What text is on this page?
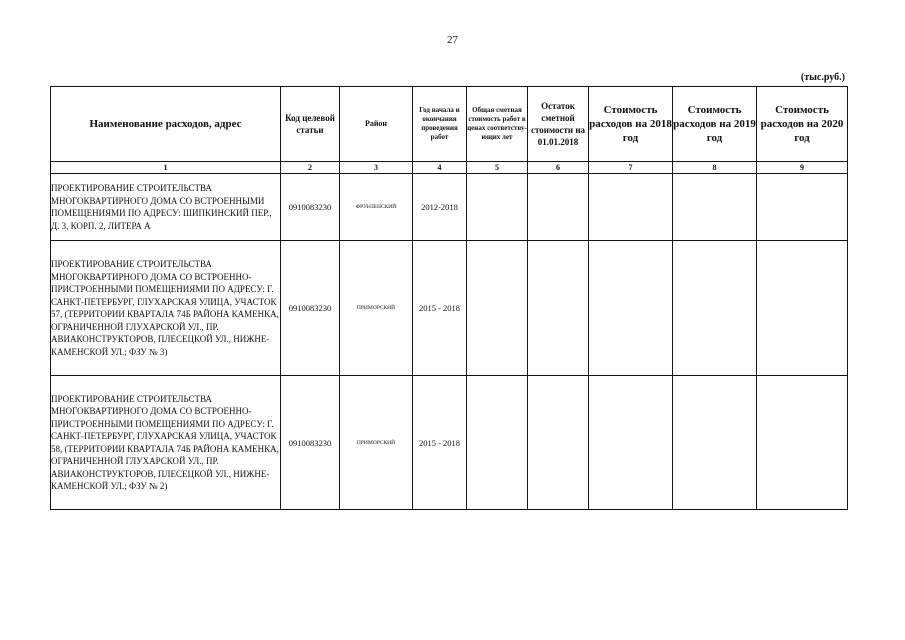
27
(тыс.руб.)
Наименование расходов, адрес	Код целевой статьи	Район	Год начала и окончания проведения работ	Общая сметная стоимость работ в ценах соответству-ющих лет	Остаток сметной стоимости на 01.01.2018	Стоимость расходов на 2018 год	Стоимость расходов на 2019 год	Стоимость расходов на 2020 год
1	2	3	4	5	6	7	8	9
ПРОЕКТИРОВАНИЕ СТРОИТЕЛЬСТВА МНОГОКВАРТИРНОГО ДОМА СО ВСТРОЕННЫМИ ПОМЕЩЕНИЯМИ ПО АДРЕСУ: ШИПКИНСКИЙ ПЕР., Д. 3, КОРП. 2, ЛИТЕРА А	0910083230	ФРУНЗЕНСКИЙ	2012-2018					
ПРОЕКТИРОВАНИЕ СТРОИТЕЛЬСТВА МНОГОКВАРТИРНОГО ДОМА СО ВСТРОЕННО-ПРИСТРОЕННЫМИ ПОМЕЩЕНИЯМИ ПО АДРЕСУ: Г. САНКТ-ПЕТЕРБУРГ, ГЛУХАРСКАЯ УЛИЦА, УЧАСТОК 57, (ТЕРРИТОРИИ КВАРТАЛА 74Б РАЙОНА КАМЕНКА, ОГРАНИЧЕННОЙ ГЛУХАРСКОЙ УЛ., ПР. АВИАКОНСТРУКТОРОВ, ПЛЕСЕЦКОЙ УЛ., НИЖНЕ-КАМЕНСКОЙ УЛ.; ФЗУ № 3)	0910083230	ПРИМОРСКИЙ	2015 - 2018					
ПРОЕКТИРОВАНИЕ СТРОИТЕЛЬСТВА МНОГОКВАРТИРНОГО ДОМА СО ВСТРОЕННО-ПРИСТРОЕННЫМИ ПОМЕЩЕНИЯМИ ПО АДРЕСУ: Г. САНКТ-ПЕТЕРБУРГ, ГЛУХАРСКАЯ УЛИЦА, УЧАСТОК 58, (ТЕРРИТОРИИ КВАРТАЛА 74Б РАЙОНА КАМЕНКА, ОГРАНИЧЕННОЙ ГЛУХАРСКОЙ УЛ., ПР. АВИАКОНСТРУКТОРОВ, ПЛЕСЕЦКОЙ УЛ., НИЖНЕ-КАМЕНСКОЙ УЛ.; ФЗУ № 2)	0910083230	ПРИМОРСКИЙ	2015 - 2018					
